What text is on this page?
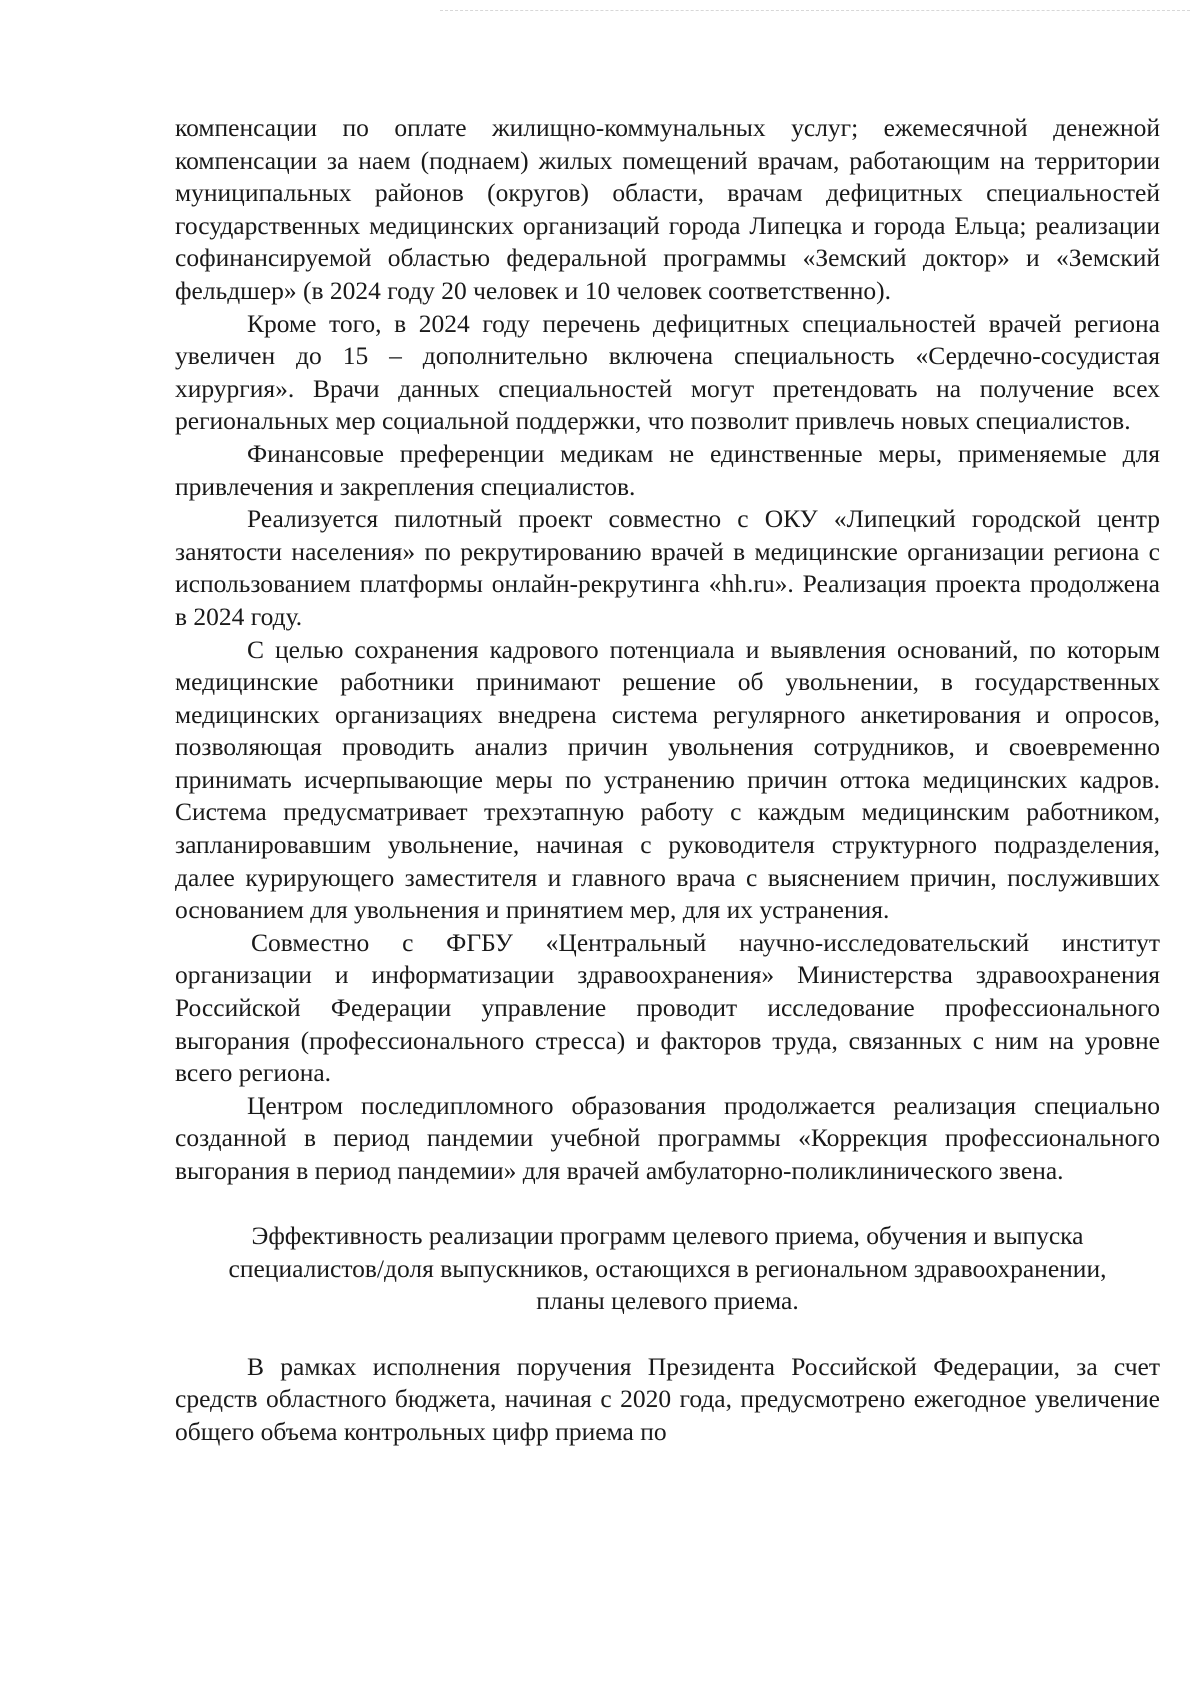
компенсации по оплате жилищно-коммунальных услуг; ежемесячной денежной компенсации за наем (поднаем) жилых помещений врачам, работающим на территории муниципальных районов (округов) области, врачам дефицитных специальностей государственных медицинских организаций города Липецка и города Ельца; реализации софинансируемой областью федеральной программы «Земский доктор» и «Земский фельдшер» (в 2024 году 20 человек и 10 человек соответственно).

Кроме того, в 2024 году перечень дефицитных специальностей врачей региона увеличен до 15 – дополнительно включена специальность «Сердечно-сосудистая хирургия». Врачи данных специальностей могут претендовать на получение всех региональных мер социальной поддержки, что позволит привлечь новых специалистов.

Финансовые преференции медикам не единственные меры, применяемые для привлечения и закрепления специалистов.

Реализуется пилотный проект совместно с ОКУ «Липецкий городской центр занятости населения» по рекрутированию врачей в медицинские организации региона с использованием платформы онлайн-рекрутинга «hh.ru». Реализация проекта продолжена в 2024 году.

С целью сохранения кадрового потенциала и выявления оснований, по которым медицинские работники принимают решение об увольнении, в государственных медицинских организациях внедрена система регулярного анкетирования и опросов, позволяющая проводить анализ причин увольнения сотрудников, и своевременно принимать исчерпывающие меры по устранению причин оттока медицинских кадров. Система предусматривает трехэтапную работу с каждым медицинским работником, запланировавшим увольнение, начиная с руководителя структурного подразделения, далее курирующего заместителя и главного врача с выяснением причин, послуживших основанием для увольнения и принятием мер, для их устранения.

Совместно с ФГБУ «Центральный научно-исследовательский институт организации и информатизации здравоохранения» Министерства здравоохранения Российской Федерации управление проводит исследование профессионального выгорания (профессионального стресса) и факторов труда, связанных с ним на уровне всего региона.

Центром последипломного образования продолжается реализация специально созданной в период пандемии учебной программы «Коррекция профессионального выгорания в период пандемии» для врачей амбулаторно-поликлинического звена.

Эффективность реализации программ целевого приема, обучения и выпуска специалистов/доля выпускников, остающихся в региональном здравоохранении, планы целевого приема.

В рамках исполнения поручения Президента Российской Федерации, за счет средств областного бюджета, начиная с 2020 года, предусмотрено ежегодное увеличение общего объема контрольных цифр приема по
